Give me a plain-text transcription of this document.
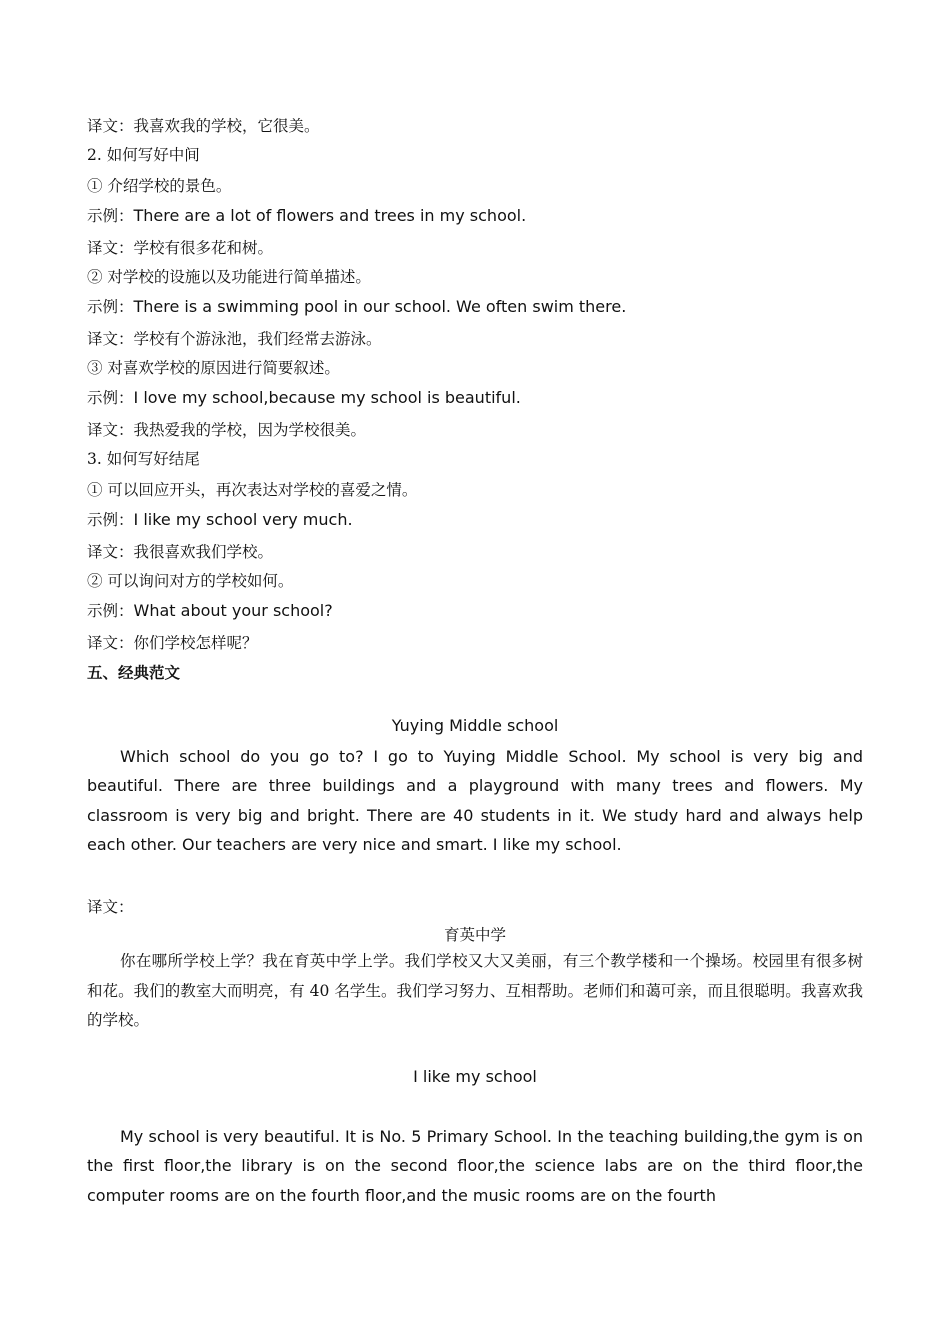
译文：我喜欢我的学校，它很美。
2. 如何写好中间
① 介绍学校的景色。
示例：There are a lot of flowers and trees in my school.
译文：学校有很多花和树。
② 对学校的设施以及功能进行简单描述。
示例：There is a swimming pool in our school. We often swim there.
译文：学校有个游泳池，我们经常去游泳。
③ 对喜欢学校的原因进行简要叙述。
示例：I love my school,because my school is beautiful.
译文：我热爱我的学校，因为学校很美。
3. 如何写好结尾
① 可以回应开头，再次表达对学校的喜爱之情。
示例：I like my school very much.
译文：我很喜欢我们学校。
② 可以询问对方的学校如何。
示例：What about your school?
译文：你们学校怎样呢？
五、经典范文
Yuying Middle school
Which school do you go to? I go to Yuying Middle School. My school is very big and beautiful. There are three buildings and a playground with many trees and flowers. My classroom is very big and bright. There are 40 students in it. We study hard and always help each other. Our teachers are very nice and smart. I like my school.
译文：
育英中学
你在哪所学校上学？我在育英中学上学。我们学校又大又美丽，有三个教学楼和一个操场。校园里有很多树和花。我们的教室大而明亮，有 40 名学生。我们学习努力、互相帮助。老师们和蔼可亲，而且很聪明。我喜欢我的学校。
I like my school
My school is very beautiful. It is No. 5 Primary School. In the teaching building,the gym is on the first floor,the library is on the second floor,the science labs are on the third floor,the computer rooms are on the fourth floor,and the music rooms are on the fourth
